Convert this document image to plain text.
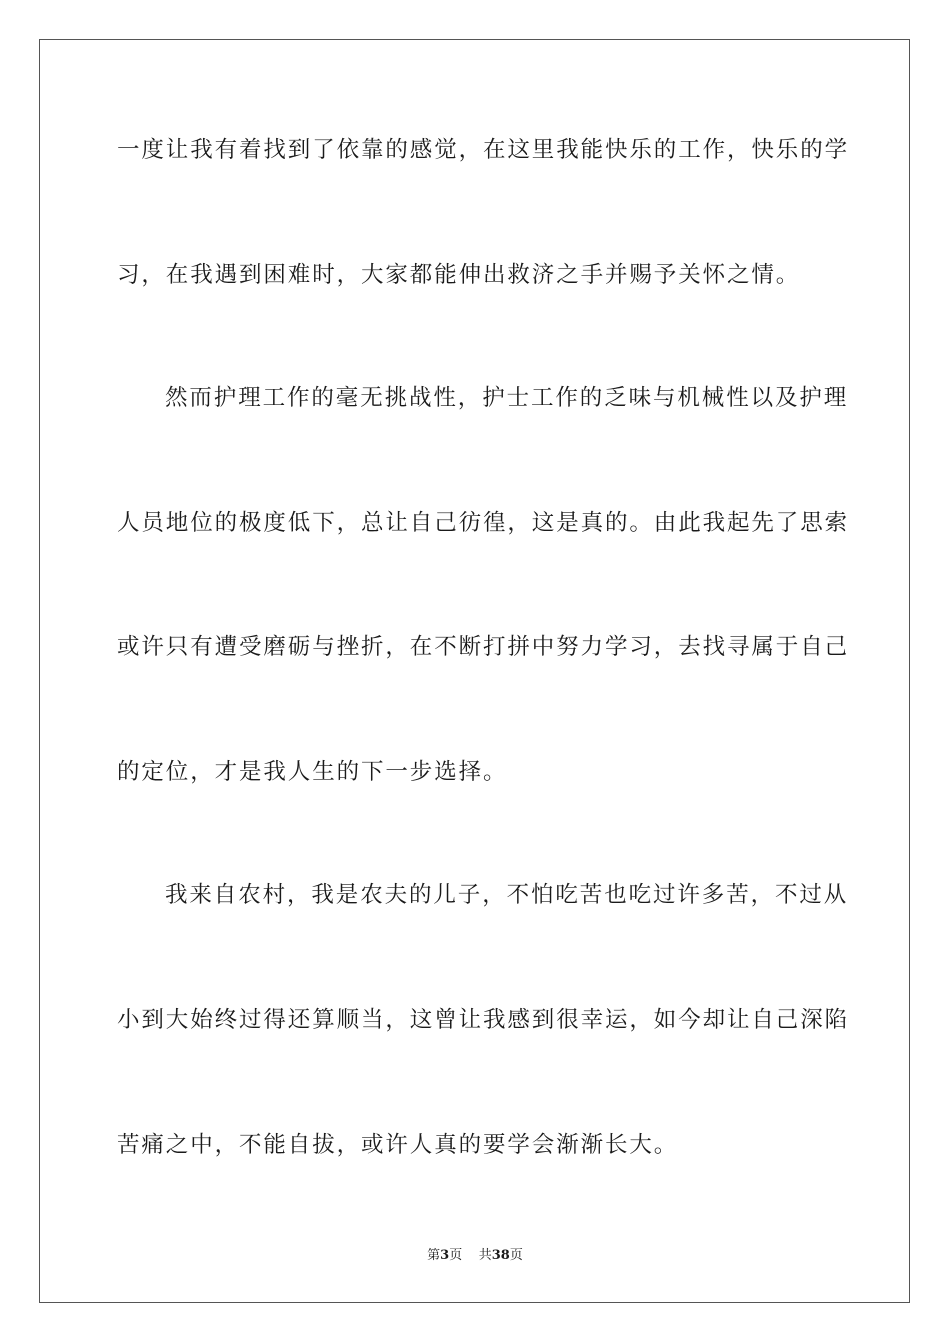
一度让我有着找到了依靠的感觉，在这里我能快乐的工作，快乐的学
习，在我遇到困难时，大家都能伸出救济之手并赐予关怀之情。
然而护理工作的毫无挑战性，护士工作的乏味与机械性以及护理
人员地位的极度低下，总让自己彷徨，这是真的。由此我起先了思索
或许只有遭受磨砺与挫折，在不断打拼中努力学习，去找寻属于自己
的定位，才是我人生的下一步选择。
我来自农村，我是农夫的儿子，不怕吃苦也吃过许多苦，不过从
小到大始终过得还算顺当，这曾让我感到很幸运，如今却让自己深陷
苦痛之中，不能自拔，或许人真的要学会渐渐长大。
第3页 共38页
